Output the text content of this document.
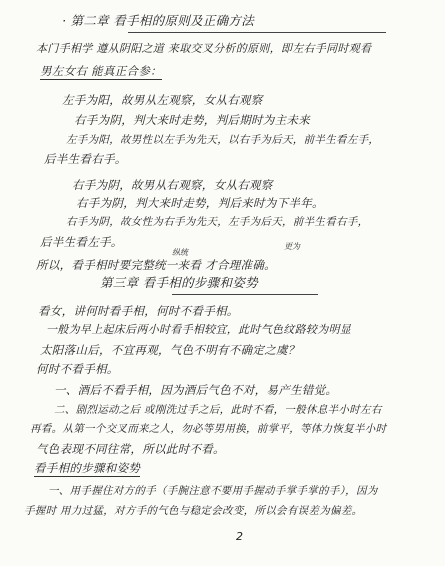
· 第二章 看手相的原则及正确方法
本门手相学 遵从阴阳之道 来取交叉分析的原则，即左右手同时观看
男左女右 能真正合参：
左手为阳，故男从左观察，女从右观察
右手为阴，判大来时走势，判后期时为主未来
左手为阳，故男性以左手为先天，以右手为后天，前半生看左手，
后半生看右手。
右手为阴，故男从右观察，女从右观察
右手为阴，判大来时走势，判后来时为下半年。
右手为阴，故女性为右手为先天，左手为后天，前半生看右手，
后半生看左手。
纵统
更为
所以，看手相时要完整统一来看 才合理准确。
第三章 看手相的步骤和姿势
看女，讲何时看手相，何时不看手相。
一般为早上起床后两小时看手相较宜，此时气色纹路较为明显
太阳落山后，不宜再观，气色不明有不确定之虞？
何时不看手相。
一、酒后不看手相，因为酒后气色不对，易产生错觉。
二、剧烈运动之后 或刚洗过手之后，此时不看，一般休息半小时左右
再看。从第一个交叉而来之人，勿必等男用换，前掌平，等体力恢复半小时
气色表现不同往常，所以此时不看。
看手相的步骤和姿势
一、用手握住对方的手（手腕注意不要用手握动手掌手掌的手），因为
手握时 用力过猛，对方手的气色与稳定会改变，所以会有误差为偏差。
2
